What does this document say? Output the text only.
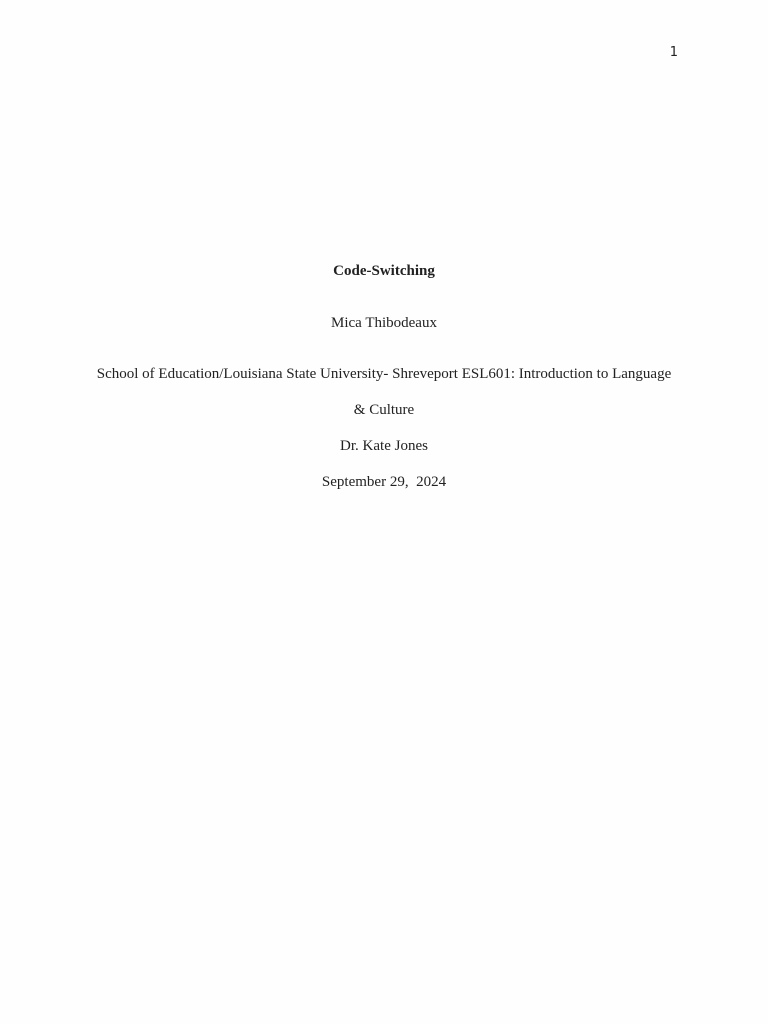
1
Code-Switching
Mica Thibodeaux
School of Education/Louisiana State University- Shreveport ESL601: Introduction to Language
& Culture
Dr. Kate Jones
September 29,  2024
